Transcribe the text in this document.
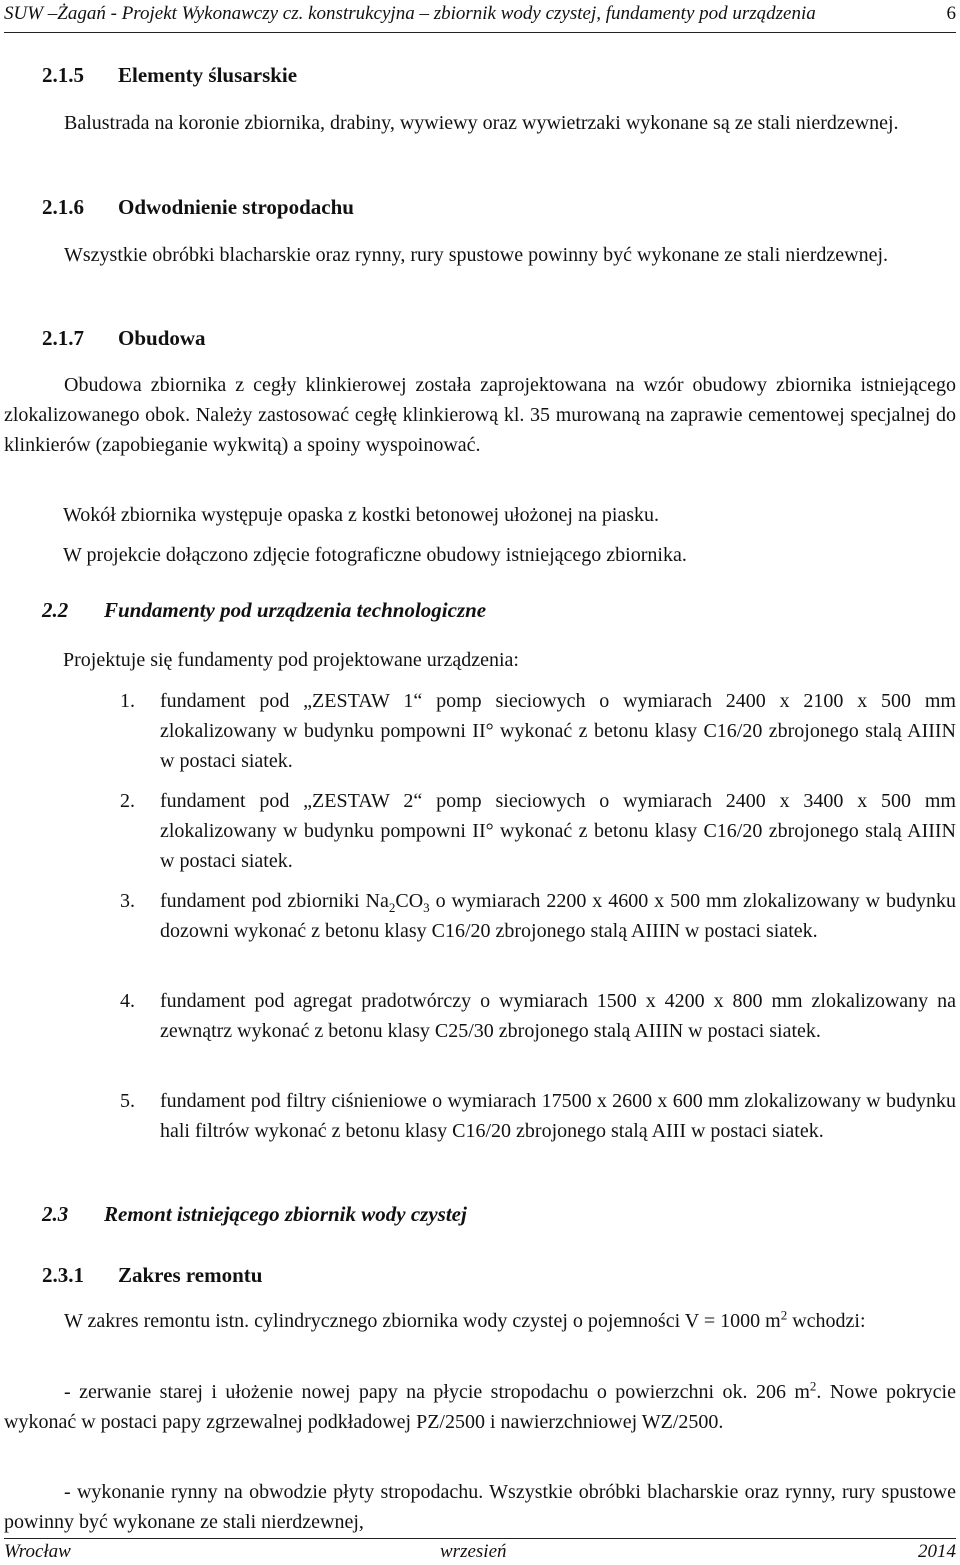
SUW –Żagań - Projekt Wykonawczy cz. konstrukcyjna – zbiornik wody czystej, fundamenty pod urządzenia	6
2.1.5 Elementy ślusarskie
Balustrada na koronie zbiornika, drabiny, wywiewy oraz wywietrzaki wykonane są ze stali nierdzewnej.
2.1.6 Odwodnienie stropodachu
Wszystkie obróbki blacharskie oraz rynny, rury spustowe powinny być wykonane ze stali nierdzewnej.
2.1.7 Obudowa
Obudowa zbiornika z cegły klinkierowej została zaprojektowana na wzór obudowy zbiornika istniejącego zlokalizowanego obok. Należy zastosować cegłę klinkierową kl. 35 murowaną na zaprawie cementowej specjalnej do klinkierów (zapobieganie wykwitą) a spoiny wyspoinować.
Wokół zbiornika występuje opaska z kostki betonowej ułożonej na piasku.
W projekcie dołączono zdjęcie fotograficzne obudowy istniejącego zbiornika.
2.2 Fundamenty pod urządzenia technologiczne
Projektuje się fundamenty pod projektowane urządzenia:
1. fundament pod „ZESTAW 1“ pomp sieciowych o wymiarach 2400 x 2100 x 500 mm zlokalizowany w budynku pompowni II° wykonać z betonu klasy C16/20 zbrojonego stalą AIIIN w postaci siatek.
2. fundament pod „ZESTAW 2“ pomp sieciowych o wymiarach 2400 x 3400 x 500 mm zlokalizowany w budynku pompowni II° wykonać z betonu klasy C16/20 zbrojonego stalą AIIIN w postaci siatek.
3. fundament pod zbiorniki $Na_2CO_3$ o wymiarach 2200 x 4600 x 500 mm zlokalizowany w budynku dozowni wykonać z betonu klasy C16/20 zbrojonego stalą AIIIN w postaci siatek.
4. fundament pod agregat pradotwórczy o wymiarach 1500 x 4200 x 800 mm zlokalizowany na zewnątrz wykonać z betonu klasy C25/30 zbrojonego stalą AIIIN w postaci siatek.
5. fundament pod filtry ciśnieniowe o wymiarach 17500 x 2600 x 600 mm zlokalizowany w budynku hali filtrów wykonać z betonu klasy C16/20 zbrojonego stalą AIII w postaci siatek.
2.3 Remont istniejącego zbiornik wody czystej
2.3.1 Zakres remontu
W zakres remontu istn. cylindrycznego zbiornika wody czystej o pojemności V = 1000 $m^2$ wchodzi:
- zerwanie starej i ułożenie nowej papy na płycie stropodachu o powierzchni ok. 206 $m^2$. Nowe pokrycie wykonać w postaci papy zgrzewalnej podkładowej PZ/2500 i nawierzchniowej WZ/2500.
- wykonanie rynny na obwodzie płyty stropodachu. Wszystkie obróbki blacharskie oraz rynny, rury spustowe powinny być wykonane ze stali nierdzewnej,
Wrocław	wrzesień	2014
